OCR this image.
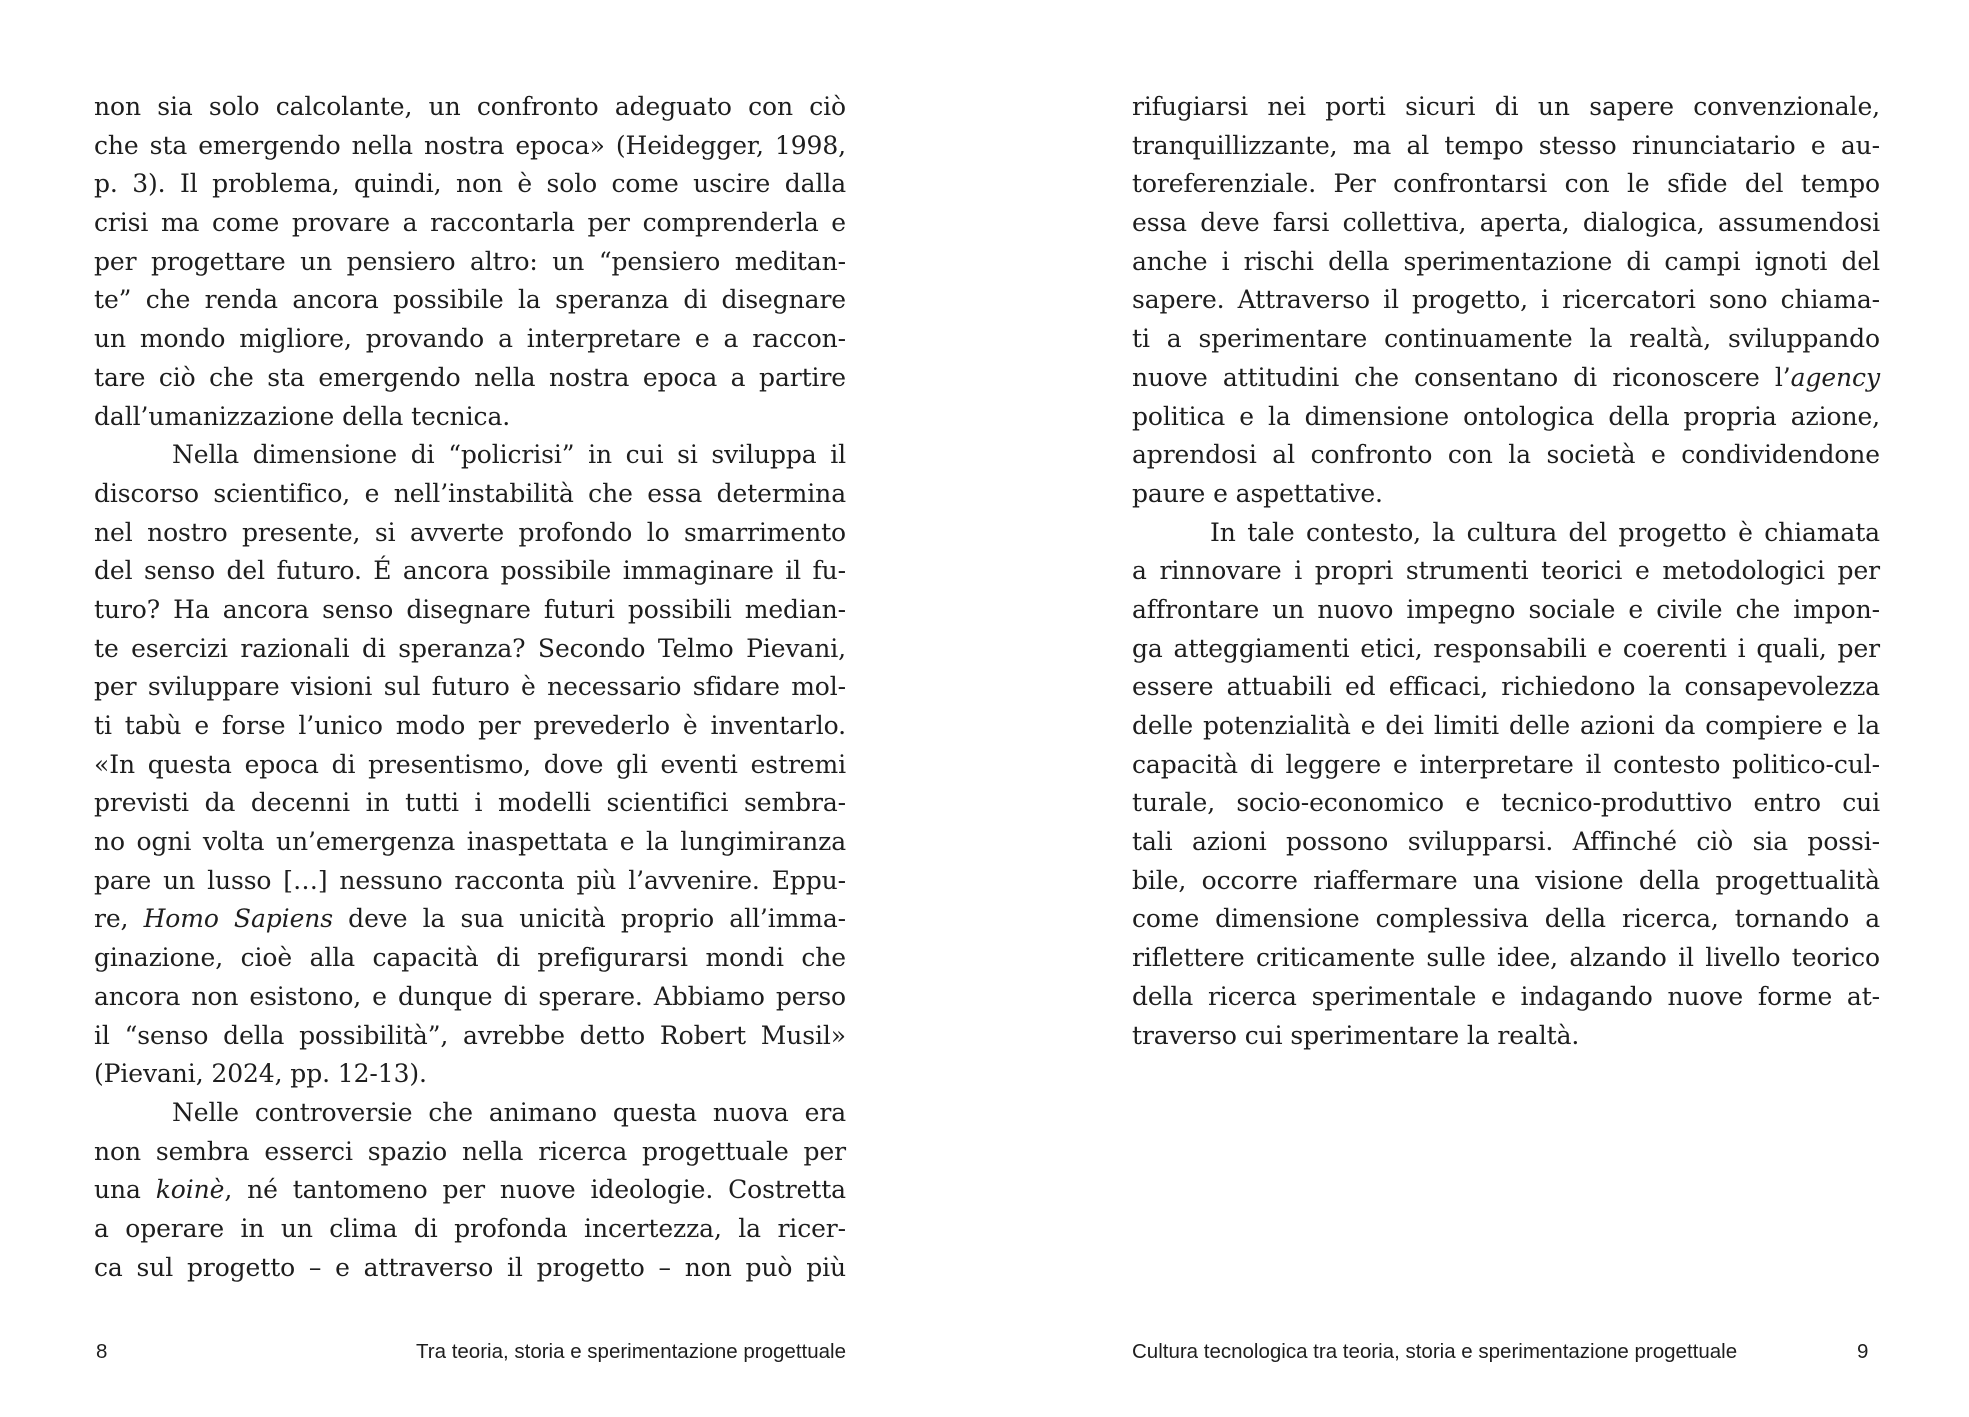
non sia solo calcolante, un confronto adeguato con ciò
che sta emergendo nella nostra epoca» (Heidegger, 1998,
p. 3). Il problema, quindi, non è solo come uscire dalla
crisi ma come provare a raccontarla per comprenderla e
per progettare un pensiero altro: un “pensiero meditan-
te” che renda ancora possibile la speranza di disegnare
un mondo migliore, provando a interpretare e a raccon-
tare ciò che sta emergendo nella nostra epoca a partire
dall’umanizzazione della tecnica.
Nella dimensione di “policrisi” in cui si sviluppa il
discorso scientifico, e nell’instabilità che essa determina
nel nostro presente, si avverte profondo lo smarrimento
del senso del futuro. É ancora possibile immaginare il fu-
turo? Ha ancora senso disegnare futuri possibili median-
te esercizi razionali di speranza? Secondo Telmo Pievani,
per sviluppare visioni sul futuro è necessario sfidare mol-
ti tabù e forse l’unico modo per prevederlo è inventarlo.
«In questa epoca di presentismo, dove gli eventi estremi
previsti da decenni in tutti i modelli scientifici sembra-
no ogni volta un’emergenza inaspettata e la lungimiranza
pare un lusso […] nessuno racconta più l’avvenire. Eppu-
re, Homo Sapiens deve la sua unicità proprio all’imma-
ginazione, cioè alla capacità di prefigurarsi mondi che
ancora non esistono, e dunque di sperare. Abbiamo perso
il “senso della possibilità”, avrebbe detto Robert Musil»
(Pievani, 2024, pp. 12-13).
Nelle controversie che animano questa nuova era
non sembra esserci spazio nella ricerca progettuale per
una koinè, né tantomeno per nuove ideologie. Costretta
a operare in un clima di profonda incertezza, la ricer-
ca sul progetto – e attraverso il progetto – non può più
8	Tra teoria, storia e sperimentazione progettuale
rifugiarsi nei porti sicuri di un sapere convenzionale,
tranquillizzante, ma al tempo stesso rinunciatario e au-
toreferenziale. Per confrontarsi con le sfide del tempo
essa deve farsi collettiva, aperta, dialogica, assumendosi
anche i rischi della sperimentazione di campi ignoti del
sapere. Attraverso il progetto, i ricercatori sono chiama-
ti a sperimentare continuamente la realtà, sviluppando
nuove attitudini che consentano di riconoscere l’agency
politica e la dimensione ontologica della propria azione,
aprendosi al confronto con la società e condividendone
paure e aspettative.
In tale contesto, la cultura del progetto è chiamata
a rinnovare i propri strumenti teorici e metodologici per
affrontare un nuovo impegno sociale e civile che impon-
ga atteggiamenti etici, responsabili e coerenti i quali, per
essere attuabili ed efficaci, richiedono la consapevolezza
delle potenzialità e dei limiti delle azioni da compiere e la
capacità di leggere e interpretare il contesto politico-cul-
turale, socio-economico e tecnico-produttivo entro cui
tali azioni possono svilupparsi. Affinché ciò sia possi-
bile, occorre riaffermare una visione della progettualità
come dimensione complessiva della ricerca, tornando a
riflettere criticamente sulle idee, alzando il livello teorico
della ricerca sperimentale e indagando nuove forme at-
traverso cui sperimentare la realtà.
Cultura tecnologica tra teoria, storia e sperimentazione progettuale	9
